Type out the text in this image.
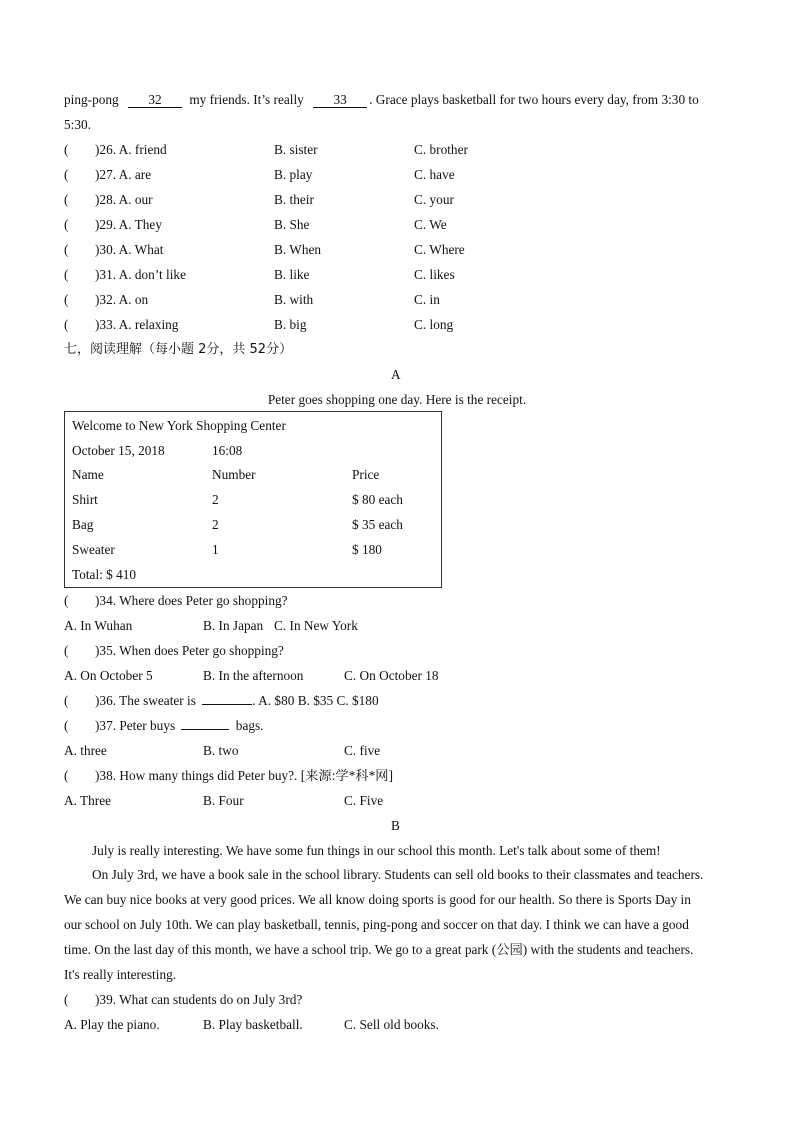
ping-pong 32 my friends. It’s really 33 . Grace plays basketball for two hours every day, from 3:30 to
5:30.
( )26. A. friend	B. sister	C. brother
( )27. A. are	B. play	C. have
( )28. A. our	B. their	C. your
( )29. A. They	B. She	C. We
( )30. A. What	B. When	C. Where
( )31. A. don’t like	B. like	C. likes
( )32. A. on	B. with	C. in
( )33. A. relaxing	B. big	C. long
七，阅读理解（每小题 2分，共 52分）
A
Peter goes shopping one day. Here is the receipt.
Welcome to New York Shopping Center
October 15, 2018	16:08
Name	Number	Price
Shirt	2	$ 80 each
Bag	2	$ 35 each
Sweater	1	$ 180
Total: $ 410
( )34. Where does Peter go shopping?
A. In Wuhan	B. In Japan C. In New York
( )35. When does Peter go shopping?
A. On October 5	B. In the afternoon	C. On October 18
( )36. The sweater is	. A. $80 B. $35 C. $180
( )37. Peter buys	bags.
A. three	B. two	C. five
( )38. How many things did Peter buy?. [来源:学*科*网]
A. Three	B. Four	C. Five
B
July is really interesting. We have some fun things in our school this month. Let's talk about some of them!
On July 3rd, we have a book sale in the school library. Students can sell old books to their classmates and teachers.
We can buy nice books at very good prices. We all know doing sports is good for our health. So there is Sports Day in
our school on July 10th. We can play basketball, tennis, ping-pong and soccer on that day. I think we can have a good
time. On the last day of this month, we have a school trip. We go to a great park (公园) with the students and teachers.
It's really interesting.
( )39. What can students do on July 3rd?
A. Play the piano.	B. Play basketball.	C. Sell old books.
